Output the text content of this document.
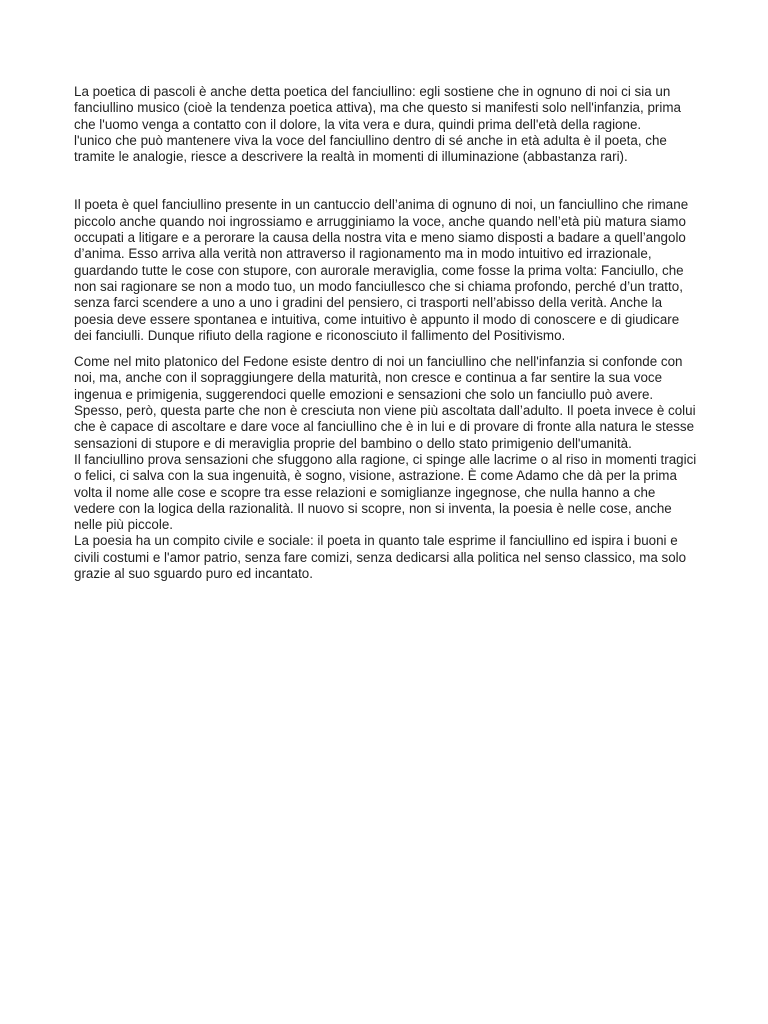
La poetica di pascoli è anche detta poetica del fanciullino: egli sostiene che in ognuno di noi ci sia un fanciullino musico (cioè la tendenza poetica attiva), ma che questo si manifesti solo nell'infanzia, prima che l'uomo venga a contatto con il dolore, la vita vera e dura, quindi prima dell'età della ragione.

l'unico che può mantenere viva la voce del fanciullino dentro di sé anche in età adulta è il poeta, che tramite le analogie, riesce a descrivere la realtà in momenti di illuminazione (abbastanza rari).

Il poeta è quel fanciullino presente in un cantuccio dell’anima di ognuno di noi, un fanciullino che rimane piccolo anche quando noi ingrossiamo e arrugginiamo la voce, anche quando nell’età più matura siamo occupati a litigare e a perorare la causa della nostra vita e meno siamo disposti a badare a quell’angolo d’anima. Esso arriva alla verità non attraverso il ragionamento ma in modo intuitivo ed irrazionale, guardando tutte le cose con stupore, con aurorale meraviglia, come fosse la prima volta: Fanciullo, che non sai ragionare se non a modo tuo, un modo fanciullesco che si chiama profondo, perché d’un tratto, senza farci scendere a uno a uno i gradini del pensiero, ci trasporti nell’abisso della verità. Anche la poesia deve essere spontanea e intuitiva, come intuitivo è appunto il modo di conoscere e di giudicare dei fanciulli. Dunque rifiuto della ragione e riconosciuto il fallimento del Positivismo.

Come nel mito platonico del Fedone esiste dentro di noi un fanciullino che nell'infanzia si confonde con noi, ma, anche con il sopraggiungere della maturità, non cresce e continua a far sentire la sua voce ingenua e primigenia, suggerendoci quelle emozioni e sensazioni che solo un fanciullo può avere.

Spesso, però, questa parte che non è cresciuta non viene più ascoltata dall’adulto. Il poeta invece è colui che è capace di ascoltare e dare voce al fanciullino che è in lui e di provare di fronte alla natura le stesse sensazioni di stupore e di meraviglia proprie del bambino o dello stato primigenio dell'umanità.

Il fanciullino prova sensazioni che sfuggono alla ragione, ci spinge alle lacrime o al riso in momenti tragici o felici, ci salva con la sua ingenuità, è sogno, visione, astrazione. È come Adamo che dà per la prima volta il nome alle cose e scopre tra esse relazioni e somiglianze ingegnose, che nulla hanno a che vedere con la logica della razionalità. Il nuovo si scopre, non si inventa, la poesia è nelle cose, anche nelle più piccole.

La poesia ha un compito civile e sociale: il poeta in quanto tale esprime il fanciullino ed ispira i buoni e civili costumi e l'amor patrio, senza fare comizi, senza dedicarsi alla politica nel senso classico, ma solo grazie al suo sguardo puro ed incantato.
